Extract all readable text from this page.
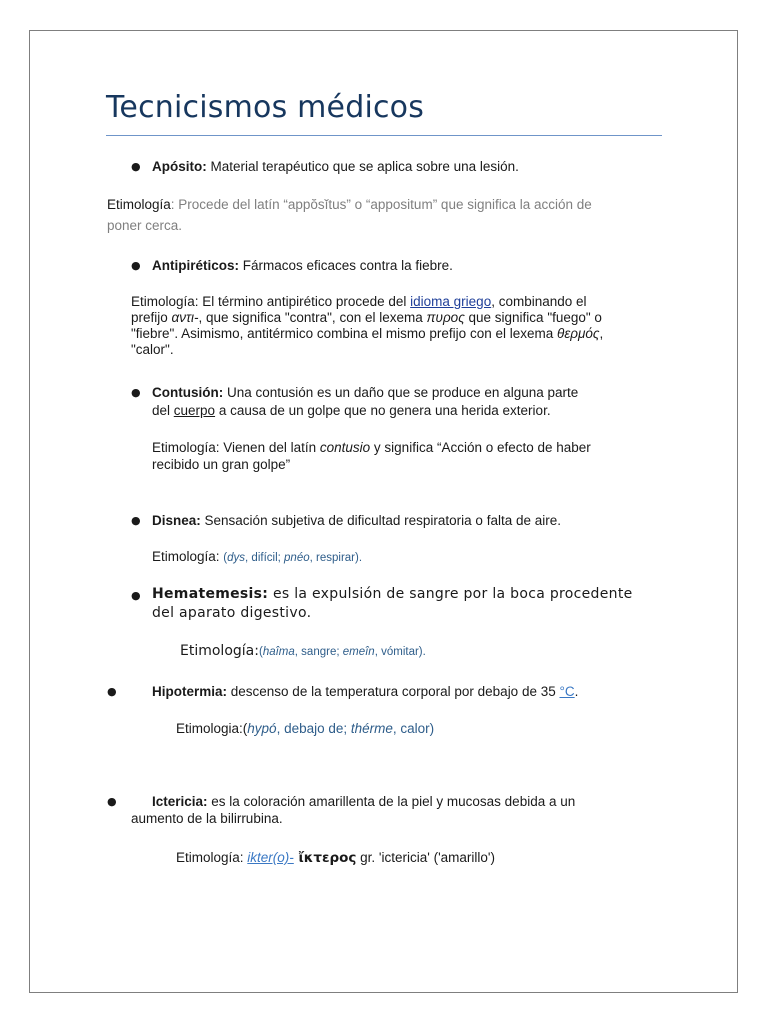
Tecnicismos médicos
● Apósito: Material terapéutico que se aplica sobre una lesión.
Etimología: Procede del latín “appŏsĭtus” o “appositum” que significa la acción de
poner cerca.
● Antipiréticos: Fármacos eficaces contra la fiebre.
Etimología: El término antipirético procede del idioma griego, combinando el
prefijo αντι-, que significa "contra", con el lexema πυρος que significa "fuego" o
"fiebre". Asimismo, antitérmico combina el mismo prefijo con el lexema θερμός,
"calor".
● Contusión: Una contusión es un daño que se produce en alguna parte
del cuerpo a causa de un golpe que no genera una herida exterior.
Etimología: Vienen del latín contusio y significa “Acción o efecto de haber
recibido un gran golpe”
● Disnea: Sensación subjetiva de dificultad respiratoria o falta de aire.
Etimología: (dys, difícil; pnéo, respirar).
● Hematemesis: es la expulsión de sangre por la boca procedente
del aparato digestivo.
Etimología:(haîma, sangre; emeîn, vómitar).
●	Hipotermia: descenso de la temperatura corporal por debajo de 35 °C.
Etimologia:(hypó, debajo de; thérme, calor)
●	Ictericia: es la coloración amarillenta de la piel y mucosas debida a un
aumento de la bilirrubina.
Etimología: ikter(o)- ἴκτερος gr. 'ictericia' ('amarillo')
